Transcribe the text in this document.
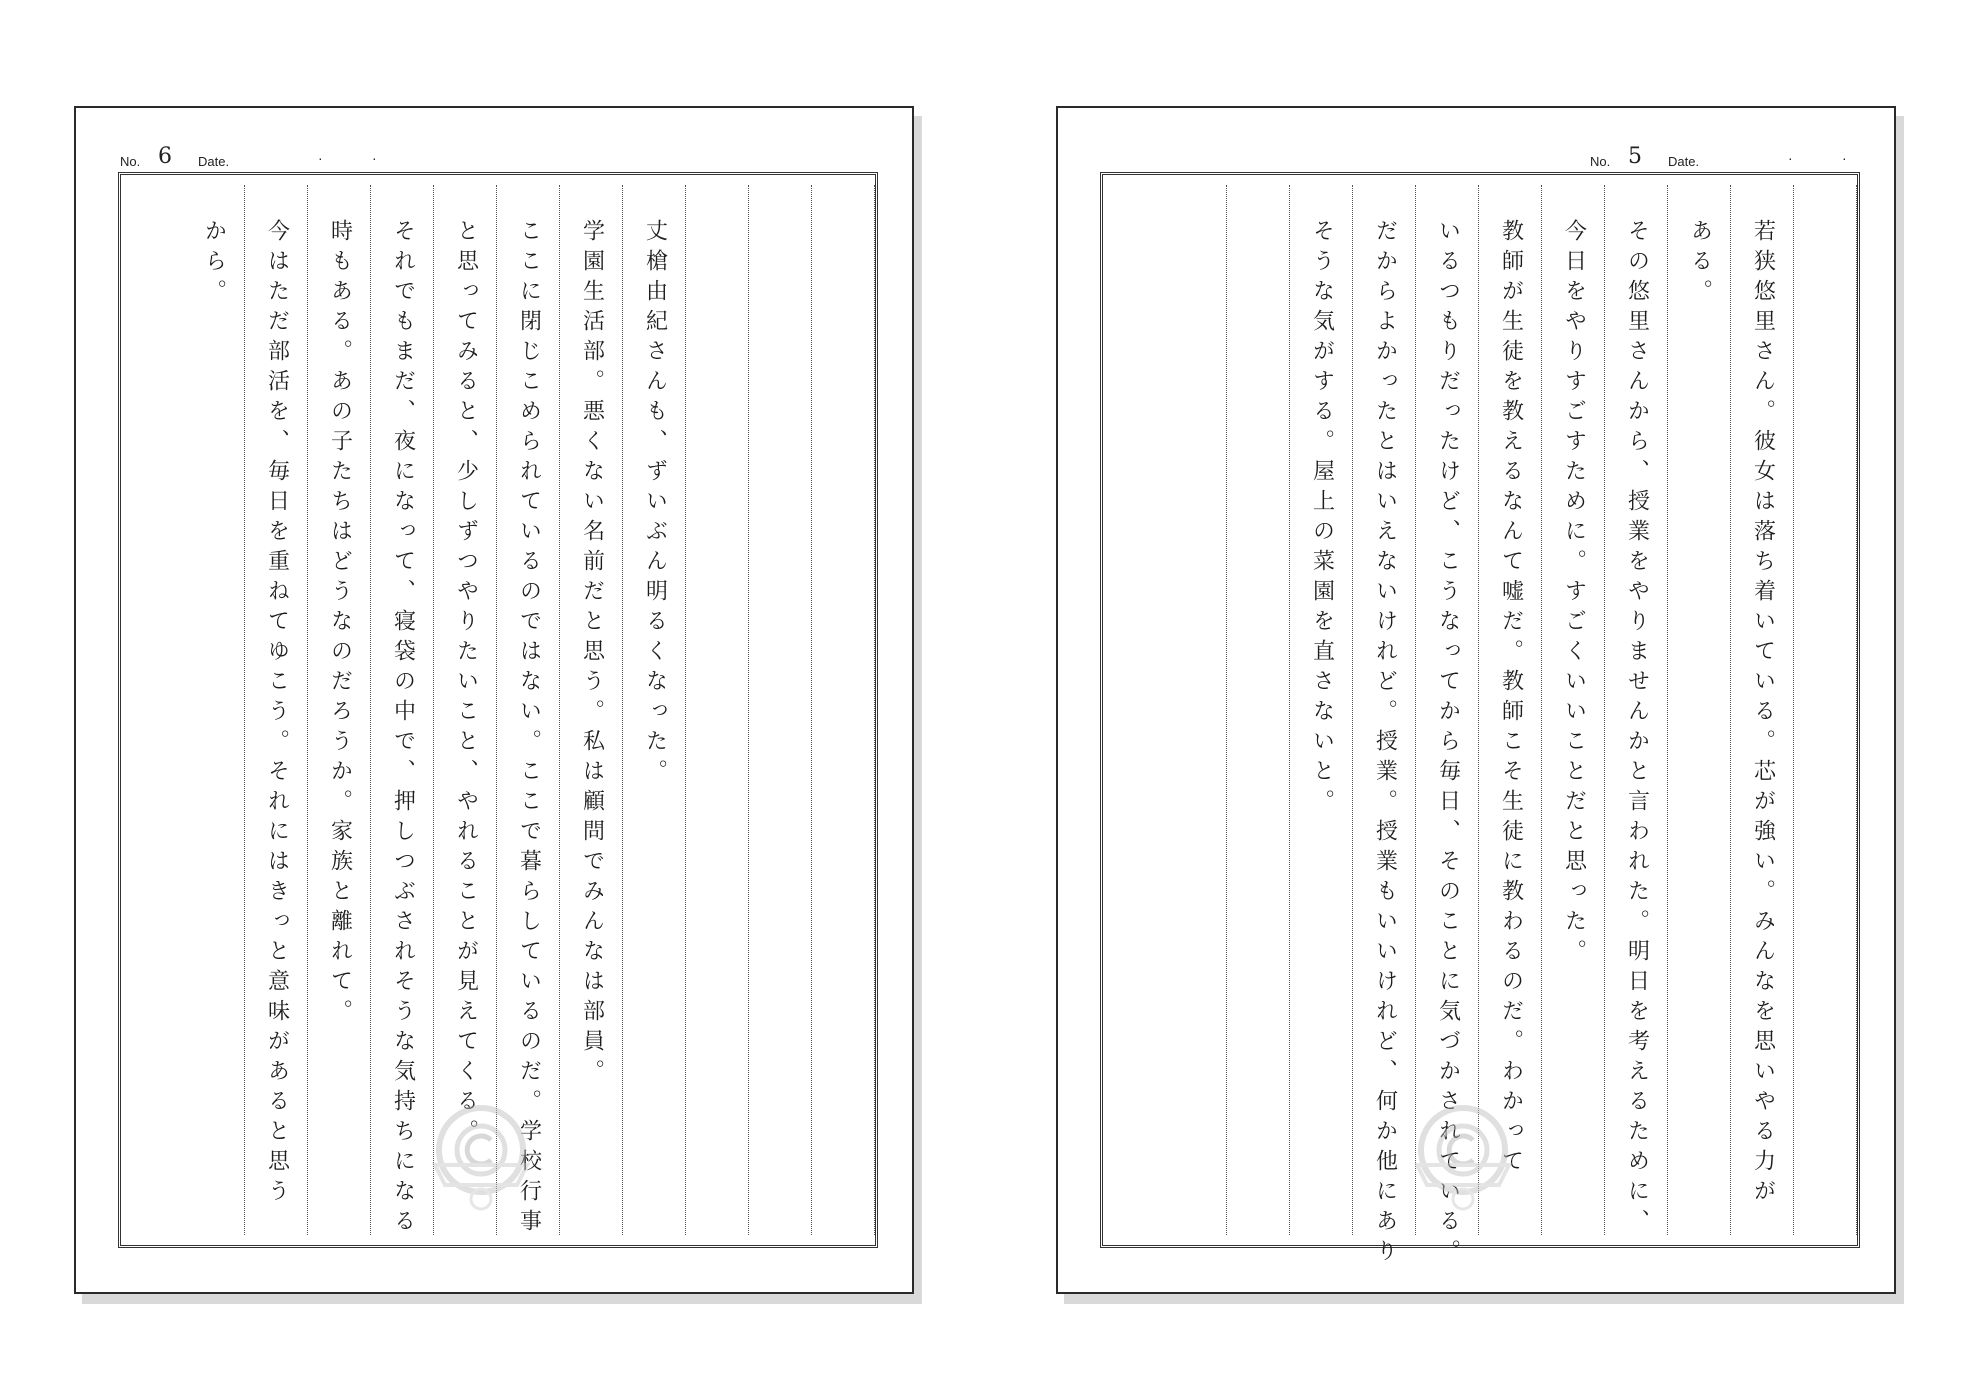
No. 6 Date.	·	·
丈槍由紀さんも、ずいぶん明るくなった。
学園生活部。悪くない名前だと思う。私は顧問でみんなは部員。
ここに閉じこめられているのではない。ここで暮らしているのだ。学校行事
と思ってみると、少しずつやりたいこと、やれることが見えてくる。
それでもまだ、夜になって、寝袋の中で、押しつぶされそうな気持ちになる
時もある。あの子たちはどうなのだろうか。家族と離れて。
今はただ部活を、毎日を重ねてゆこう。それにはきっと意味があると思う
から。
No. 5 Date.	·	·
若狭悠里さん。彼女は落ち着いている。芯が強い。みんなを思いやる力が
ある。
その悠里さんから、授業をやりませんかと言われた。明日を考えるために、
今日をやりすごすために。すごくいいことだと思った。
教師が生徒を教えるなんて嘘だ。教師こそ生徒に教わるのだ。わかって
いるつもりだったけど、こうなってから毎日、そのことに気づかされている。
だからよかったとはいえないけれど。授業。授業もいいけれど、何か他にあり
そうな気がする。屋上の菜園を直さないと。
